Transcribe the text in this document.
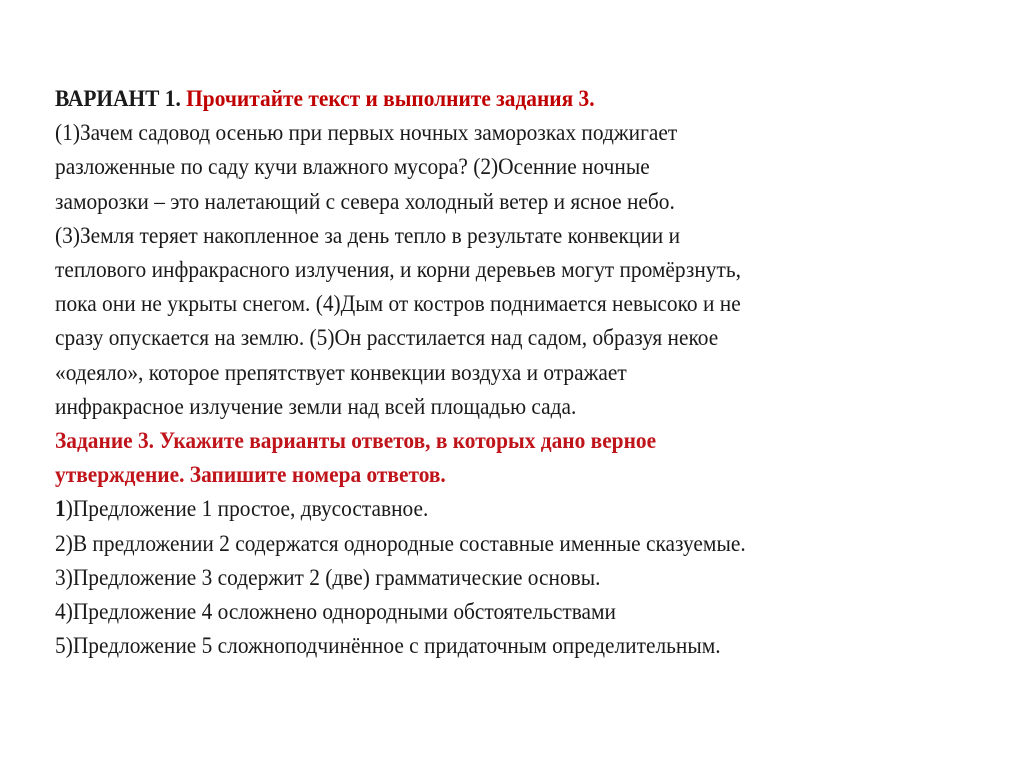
ВАРИАНТ 1. Прочитайте текст и выполните задания 3.
(1)Зачем садовод осенью при первых ночных заморозках поджигает
разложенные по саду кучи влажного мусора? (2)Осенние ночные
заморозки – это налетающий с севера холодный ветер и ясное небо.
(3)Земля теряет накопленное за день тепло в результате конвекции и
теплового инфракрасного излучения, и корни деревьев могут промёрзнуть,
пока они не укрыты снегом. (4)Дым от костров поднимается невысоко и не
сразу опускается на землю. (5)Он расстилается над садом, образуя некое
«одеяло», которое препятствует конвекции воздуха и отражает
инфракрасное излучение земли над всей площадью сада.
Задание 3. Укажите варианты ответов, в которых дано верное
утверждение. Запишите номера ответов.
1)Предложение 1 простое, двусоставное.
2)В предложении 2 содержатся однородные составные именные сказуемые.
3)Предложение 3 содержит 2 (две) грамматические основы.
4)Предложение 4 осложнено однородными обстоятельствами
5)Предложение 5 сложноподчинённое с придаточным определительным.
